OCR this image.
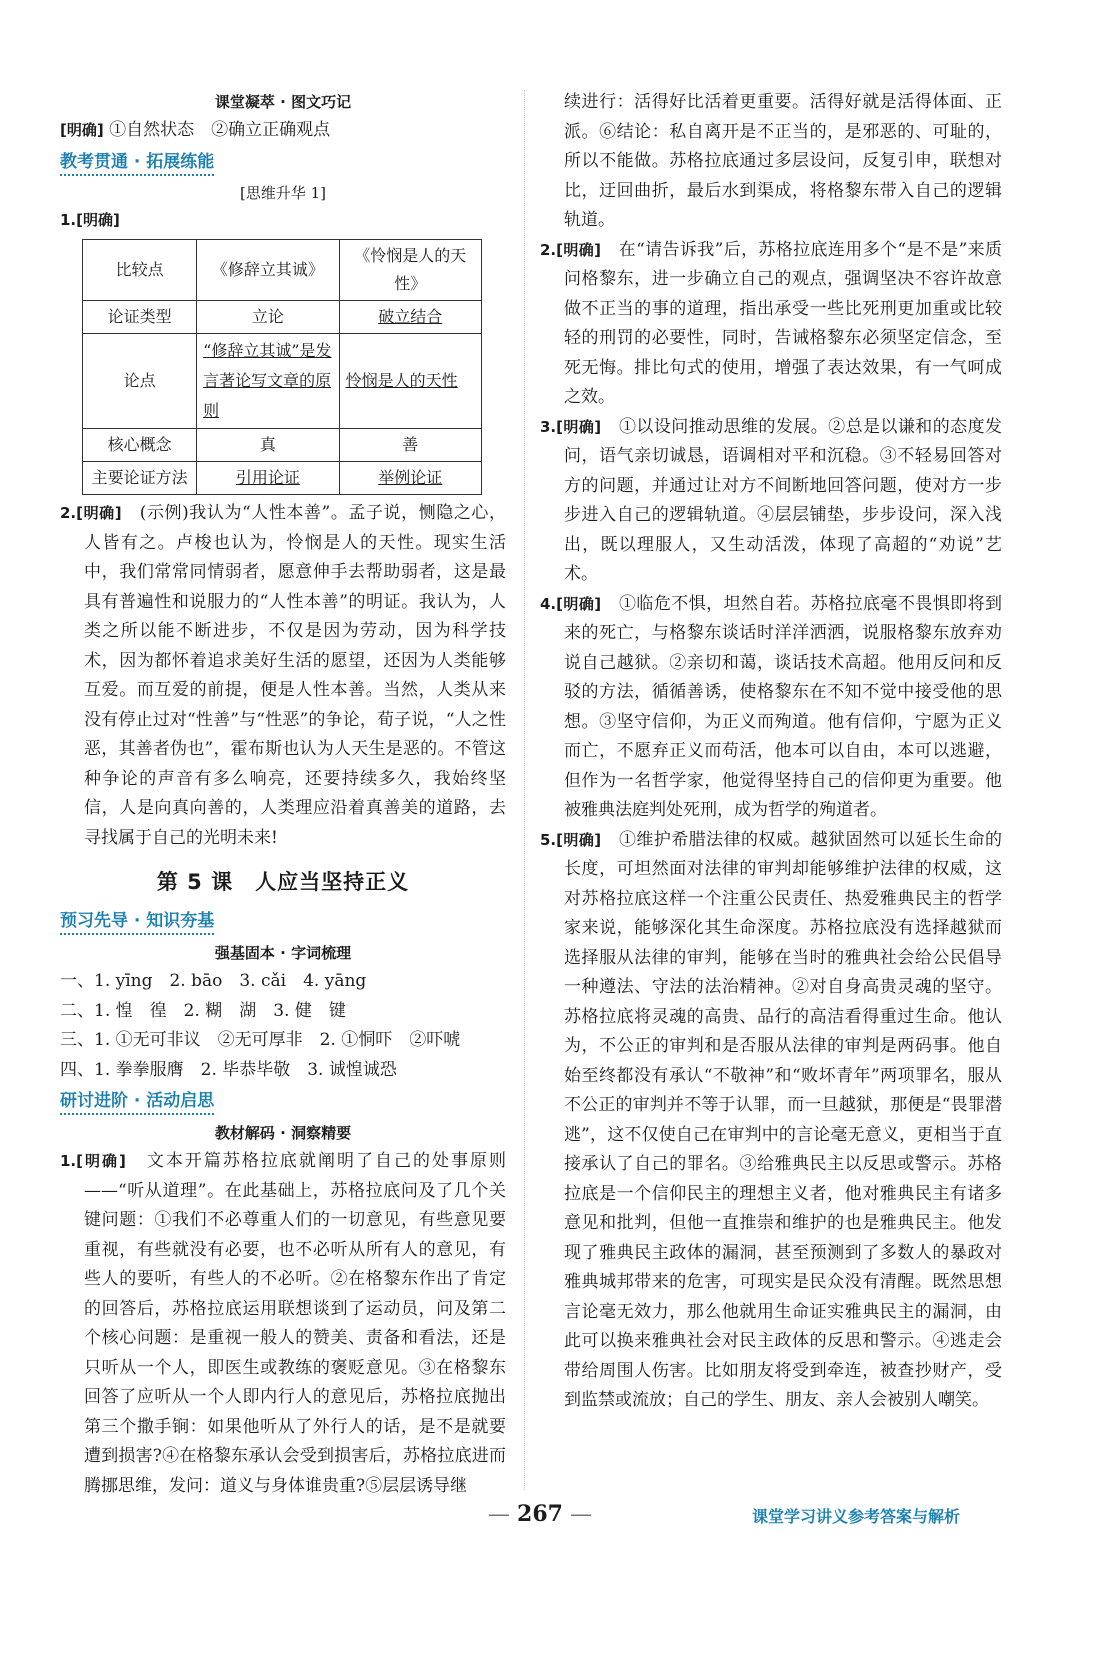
课堂凝萃 · 图文巧记

[明确] ①自然状态　②确立正确观点

教考贯通 · 拓展练能
[思维升华 1]

1.[明确]

比较点	《修辞立其诚》	《怜悯是人的天性》
论证类型	立论	破立结合
论点	“修辞立其诚”是发言著论写文章的原则	怜悯是人的天性
核心概念	真	善
主要论证方法	引用论证	举例论证

2.[明确]　 (示例)我认为“人性本善”。孟子说，恻隐之心，人皆有之。卢梭也认为，怜悯是人的天性。现实生活中，我们常常同情弱者，愿意伸手去帮助弱者，这是最具有普遍性和说服力的“人性本善”的明证。我认为，人类之所以能不断进步，不仅是因为劳动，因为科学技术，因为都怀着追求美好生活的愿望，还因为人类能够互爱。而互爱的前提，便是人性本善。当然，人类从来没有停止过对“性善”与“性恶”的争论，荀子说，“人之性恶，其善者伪也”，霍布斯也认为人天生是恶的。不管这种争论的声音有多么响亮，还要持续多久，我始终坚信，人是向真向善的，人类理应沿着真善美的道路，去寻找属于自己的光明未来!

第 5 课　人应当坚持正义
预习先导 · 知识夯基
强基固本 · 字词梳理

一、1. yīng　2. bāo　3. cǎi　4. yāng

二、1. 惶　徨　2. 糊　湖　3. 健　键

三、1. ①无可非议　②无可厚非　2. ①恫吓　②吓唬

四、1. 拳拳服膺　2. 毕恭毕敬　3. 诚惶诚恐

研讨进阶 · 活动启思
教材解码 · 洞察精要

1.[明确]　 文本开篇苏格拉底就阐明了自己的处事原则——“听从道理”。在此基础上，苏格拉底问及了几个关键问题：①我们不必尊重人们的一切意见，有些意见要重视，有些就没有必要，也不必听从所有人的意见，有些人的要听，有些人的不必听。②在格黎东作出了肯定的回答后，苏格拉底运用联想谈到了运动员，问及第二个核心问题：是重视一般人的赞美、责备和看法，还是只听从一个人，即医生或教练的褒贬意见。③在格黎东回答了应听从一个人即内行人的意见后，苏格拉底抛出第三个撒手锏：如果他听从了外行人的话，是不是就要遭到损害?④在格黎东承认会受到损害后，苏格拉底进而腾挪思维，发问：道义与身体谁贵重?⑤层层诱导继

续进行：活得好比活着更重要。活得好就是活得体面、正派。⑥结论：私自离开是不正当的，是邪恶的、可耻的，所以不能做。苏格拉底通过多层设问，反复引申，联想对比，迂回曲折，最后水到渠成，将格黎东带入自己的逻辑轨道。

2.[明确]　 在“请告诉我”后，苏格拉底连用多个“是不是”来质问格黎东，进一步确立自己的观点，强调坚决不容许故意做不正当的事的道理，指出承受一些比死刑更加重或比较轻的刑罚的必要性，同时，告诫格黎东必须坚定信念，至死无悔。排比句式的使用，增强了表达效果，有一气呵成之效。

3.[明确]　 ①以设问推动思维的发展。②总是以谦和的态度发问，语气亲切诚恳，语调相对平和沉稳。③不轻易回答对方的问题，并通过让对方不间断地回答问题，使对方一步步进入自己的逻辑轨道。④层层铺垫，步步设问，深入浅出，既以理服人，又生动活泼，体现了高超的“劝说”艺术。

4.[明确]　 ①临危不惧，坦然自若。苏格拉底毫不畏惧即将到来的死亡，与格黎东谈话时洋洋洒洒，说服格黎东放弃劝说自己越狱。②亲切和蔼，谈话技术高超。他用反问和反驳的方法，循循善诱，使格黎东在不知不觉中接受他的思想。③坚守信仰，为正义而殉道。他有信仰，宁愿为正义而亡，不愿弃正义而苟活，他本可以自由，本可以逃避，但作为一名哲学家，他觉得坚持自己的信仰更为重要。他被雅典法庭判处死刑，成为哲学的殉道者。

5.[明确]　 ①维护希腊法律的权威。越狱固然可以延长生命的长度，可坦然面对法律的审判却能够维护法律的权威，这对苏格拉底这样一个注重公民责任、热爱雅典民主的哲学家来说，能够深化其生命深度。苏格拉底没有选择越狱而选择服从法律的审判，能够在当时的雅典社会给公民倡导一种遵法、守法的法治精神。②对自身高贵灵魂的坚守。苏格拉底将灵魂的高贵、品行的高洁看得重过生命。他认为，不公正的审判和是否服从法律的审判是两码事。他自始至终都没有承认“不敬神”和“败坏青年”两项罪名，服从不公正的审判并不等于认罪，而一旦越狱，那便是“畏罪潜逃”，这不仅使自己在审判中的言论毫无意义，更相当于直接承认了自己的罪名。③给雅典民主以反思或警示。苏格拉底是一个信仰民主的理想主义者，他对雅典民主有诸多意见和批判，但他一直推崇和维护的也是雅典民主。他发现了雅典民主政体的漏洞，甚至预测到了多数人的暴政对雅典城邦带来的危害，可现实是民众没有清醒。既然思想言论毫无效力，那么他就用生命证实雅典民主的漏洞，由此可以换来雅典社会对民主政体的反思和警示。④逃走会带给周围人伤害。比如朋友将受到牵连，被查抄财产，受到监禁或流放；自己的学生、朋友、亲人会被别人嘲笑。

— 267 —	课堂学习讲义参考答案与解析
